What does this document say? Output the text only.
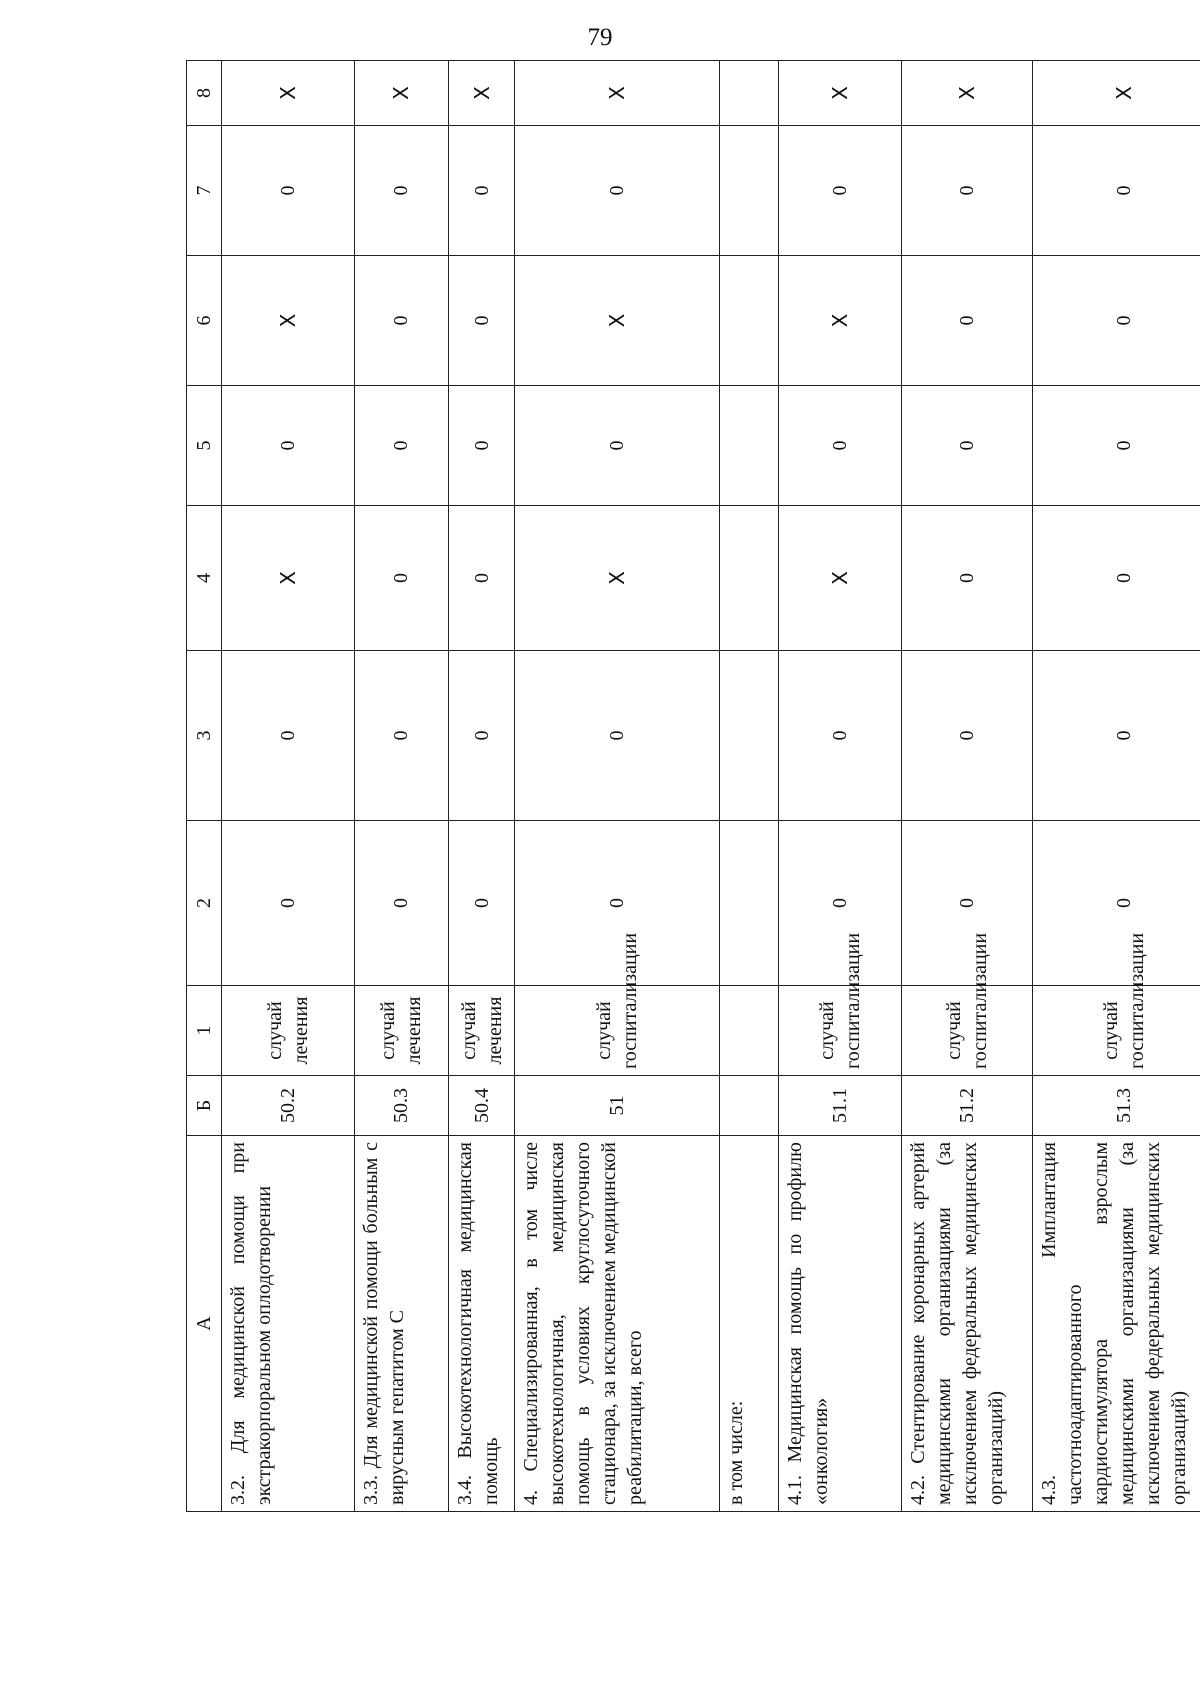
79
А	Б	1	2	3	4	5	6	7	8
3.2. Для медицинской помощи при экстракорпоральном оплодотворении	50.2	случай лечения	0	0	X	0	X	0	X
3.3. Для медицинской помощи больным с вирусным гепатитом С	50.3	случай лечения	0	0	0	0	0	0	X
3.4. Высокотехнологичная медицинская помощь	50.4	случай лечения	0	0	0	0	0	0	X
4. Специализированная, в том числе высокотехнологичная, медицинская помощь в условиях круглосуточного стационара, за исключением медицинской реабилитации, всего	51	случай госпитализации	0	0	X	0	X	0	X
в том числе:									
4.1. Медицинская помощь по профилю «онкология»	51.1	случай госпитализации	0	0	X	0	X	0	X
4.2. Стентирование коронарных артерий медицинскими организациями (за исключением федеральных медицинских организаций)	51.2	случай госпитализации	0	0	0	0	0	0	X
4.3. Имплантация частотноадаптированного кардиостимулятора взрослым медицинскими организациями (за исключением федеральных медицинских организаций)	51.3	случай госпитализации	0	0	0	0	0	0	X
